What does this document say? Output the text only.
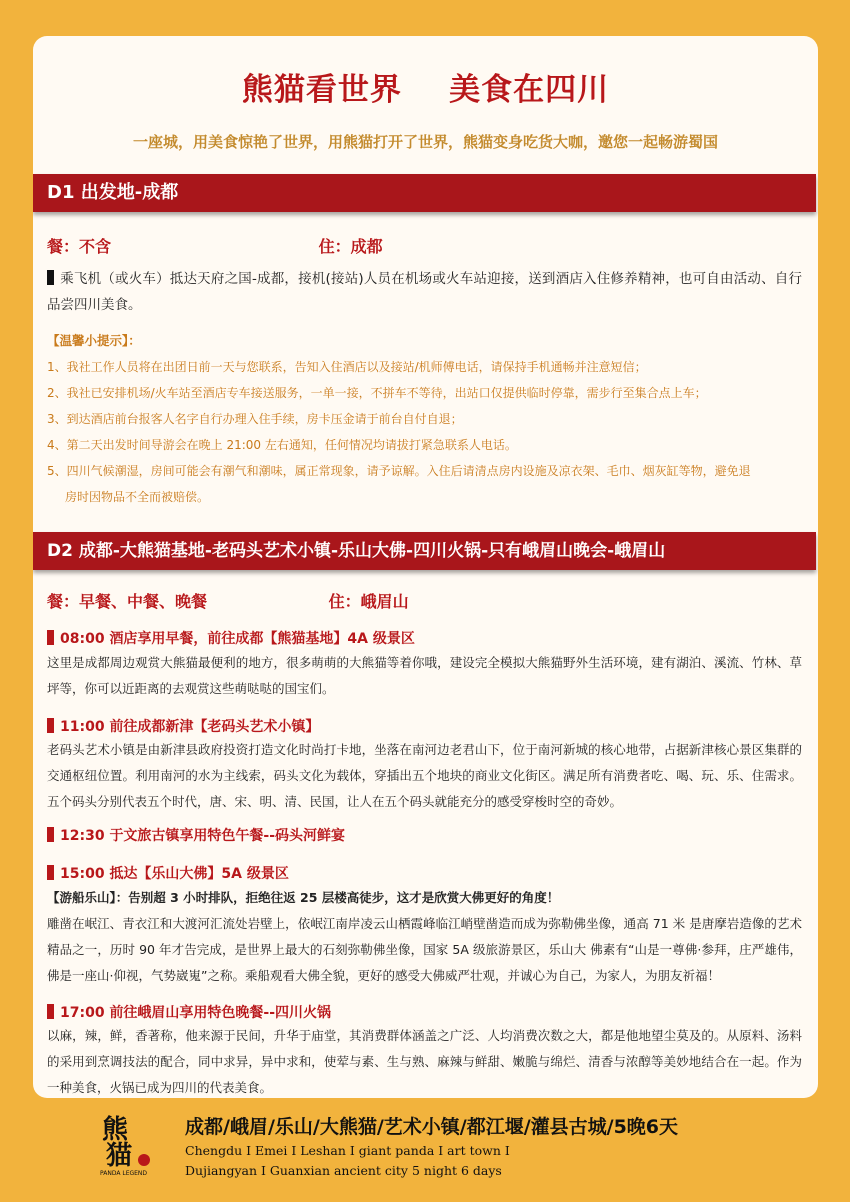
熊猫看世界    美食在四川
一座城，用美食惊艳了世界，用熊猫打开了世界，熊猫变身吃货大咖，邀您一起畅游蜀国
D1 出发地-成都
餐：不含	住：成都
乘飞机（或火车）抵达天府之国-成都，接机(接站)人员在机场或火车站迎接，送到酒店入住修养精神，也可自由活动、自行品尝四川美食。
【温馨小提示】：
1、我社工作人员将在出团日前一天与您联系，告知入住酒店以及接站/机师傅电话，请保持手机通畅并注意短信；
2、我社已安排机场/火车站至酒店专车接送服务，一单一接，不拼车不等待，出站口仅提供临时停靠，需步行至集合点上车；
3、到达酒店前台报客人名字自行办理入住手续，房卡压金请于前台自付自退；
4、第二天出发时间导游会在晚上 21:00 左右通知，任何情况均请拔打紧急联系人电话。
5、四川气候潮湿，房间可能会有潮气和潮味，属正常现象，请予谅解。入住后请清点房内设施及凉衣架、毛巾、烟灰缸等物，避免退
房时因物品不全而被赔偿。
D2 成都-大熊猫基地-老码头艺术小镇-乐山大佛-四川火锅-只有峨眉山晚会-峨眉山
餐：早餐、中餐、晚餐	住：峨眉山
08:00 酒店享用早餐，前往成都【熊猫基地】4A 级景区
这里是成都周边观赏大熊猫最便利的地方，很多萌萌的大熊猫等着你哦，建设完全模拟大熊猫野外生活环境，建有湖泊、溪流、竹林、草坪等，你可以近距离的去观赏这些萌哒哒的国宝们。
11:00 前往成都新津【老码头艺术小镇】
老码头艺术小镇是由新津县政府投资打造文化时尚打卡地，坐落在南河边老君山下，位于南河新城的核心地带，占据新津核心景区集群的交通枢纽位置。利用南河的水为主线索，码头文化为载体，穿插出五个地块的商业文化街区。满足所有消费者吃、喝、玩、乐、住需求。五个码头分别代表五个时代，唐、宋、明、清、民国，让人在五个码头就能充分的感受穿梭时空的奇妙。
12:30 于文旅古镇享用特色午餐--码头河鲜宴
15:00 抵达【乐山大佛】5A 级景区
【游船乐山】：告别超 3 小时排队，拒绝往返 25 层楼高徒步，这才是欣赏大佛更好的角度！
雕凿在岷江、青衣江和大渡河汇流处岩壁上，依岷江南岸凌云山栖霞峰临江峭壁凿造而成为弥勒佛坐像，通高 71 米 是唐摩岩造像的艺术精品之一，历时 90 年才告完成，是世界上最大的石刻弥勒佛坐像，国家 5A 级旅游景区，乐山大 佛素有“山是一尊佛·参拜，庄严雄伟，佛是一座山·仰视，气势崴嵬”之称。乘船观看大佛全貌，更好的感受大佛威严壮观，并诚心为自己，为家人，为朋友祈福！
17:00 前往峨眉山享用特色晚餐--四川火锅
以麻，辣，鲜，香著称，他来源于民间，升华于庙堂，其消费群体涵盖之广泛、人均消费次数之大，都是他地望尘莫及的。从原料、汤料的采用到烹调技法的配合，同中求异，异中求和，使荤与素、生与熟、麻辣与鲜甜、嫩脆与绵烂、清香与浓醇等美妙地结合在一起。作为一种美食，火锅已成为四川的代表美食。
熊
猫
PANDA LEGEND
成都/峨眉/乐山/大熊猫/艺术小镇/都江堰/灌县古城/5晚6天
Chengdu I Emei I Leshan I giant panda I art town I Dujiangyan I Guanxian ancient city 5 night 6 days
